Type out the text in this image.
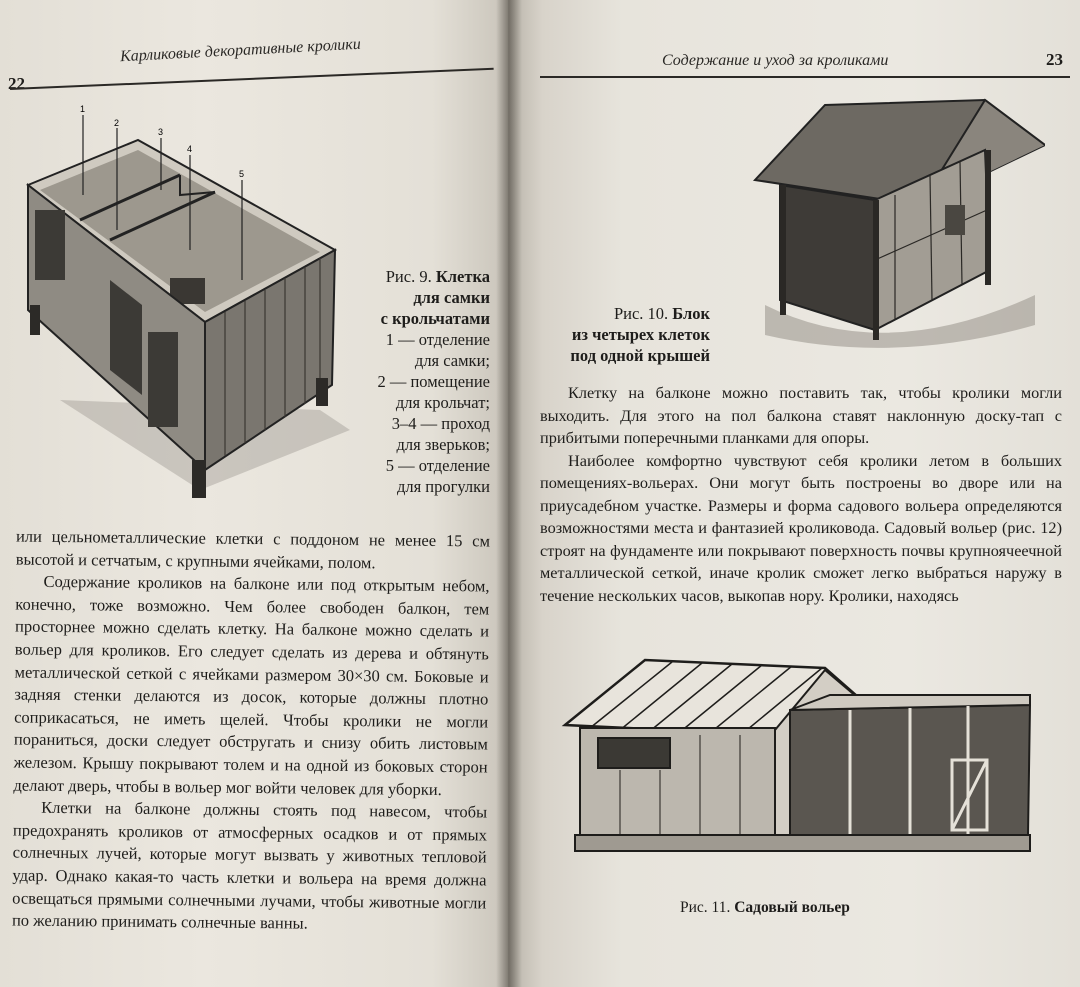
Карликовые декоративные кролики
22
1
2
3
4
5
Рис. 9. Клетка
для самки
с крольчатами
1 — отделение
для самки;
2 — помещение
для крольчат;
3–4 — проход
для зверьков;
5 — отделение
для прогулки

или цельнометаллические клетки с поддоном не менее 15 см высотой и сетчатым, с крупными ячейками, полом.

Содержание кроликов на балконе или под открытым небом, конечно, тоже возможно. Чем более свободен балкон, тем просторнее можно сделать клетку. На балконе можно сделать и вольер для кроликов. Его следует сделать из дерева и обтянуть металлической сеткой с ячейками размером 30×30 см. Боковые и задняя стенки делаются из досок, которые должны плотно соприкасаться, не иметь щелей. Чтобы кролики не могли пораниться, доски следует обстругать и снизу обить листовым железом. Крышу покрывают толем и на одной из боковых сторон делают дверь, чтобы в вольер мог войти человек для уборки.

Клетки на балконе должны стоять под навесом, чтобы предохранять кроликов от атмосферных осадков и от прямых солнечных лучей, которые могут вызвать у животных тепловой удар. Однако какая-то часть клетки и вольера на время должна освещаться прямыми солнечными лучами, чтобы животные могли по желанию принимать солнечные ванны.

Содержание и уход за кроликами	23
Рис. 10. Блок
из четырех клеток
под одной крышей

Клетку на балконе можно поставить так, чтобы кролики могли выходить. Для этого на пол балкона ставят наклонную доску-тап с прибитыми поперечными планками для опоры.

Наиболее комфортно чувствуют себя кролики летом в больших помещениях-вольерах. Они могут быть построены во дворе или на приусадебном участке. Размеры и форма садового вольера определяются возможностями места и фантазией кроликовода. Садовый вольер (рис. 12) строят на фундаменте или покрывают поверхность почвы крупноячеечной металлической сеткой, иначе кролик сможет легко выбраться наружу в течение нескольких часов, выкопав нору. Кролики, находясь

Рис. 11. Садовый вольер
